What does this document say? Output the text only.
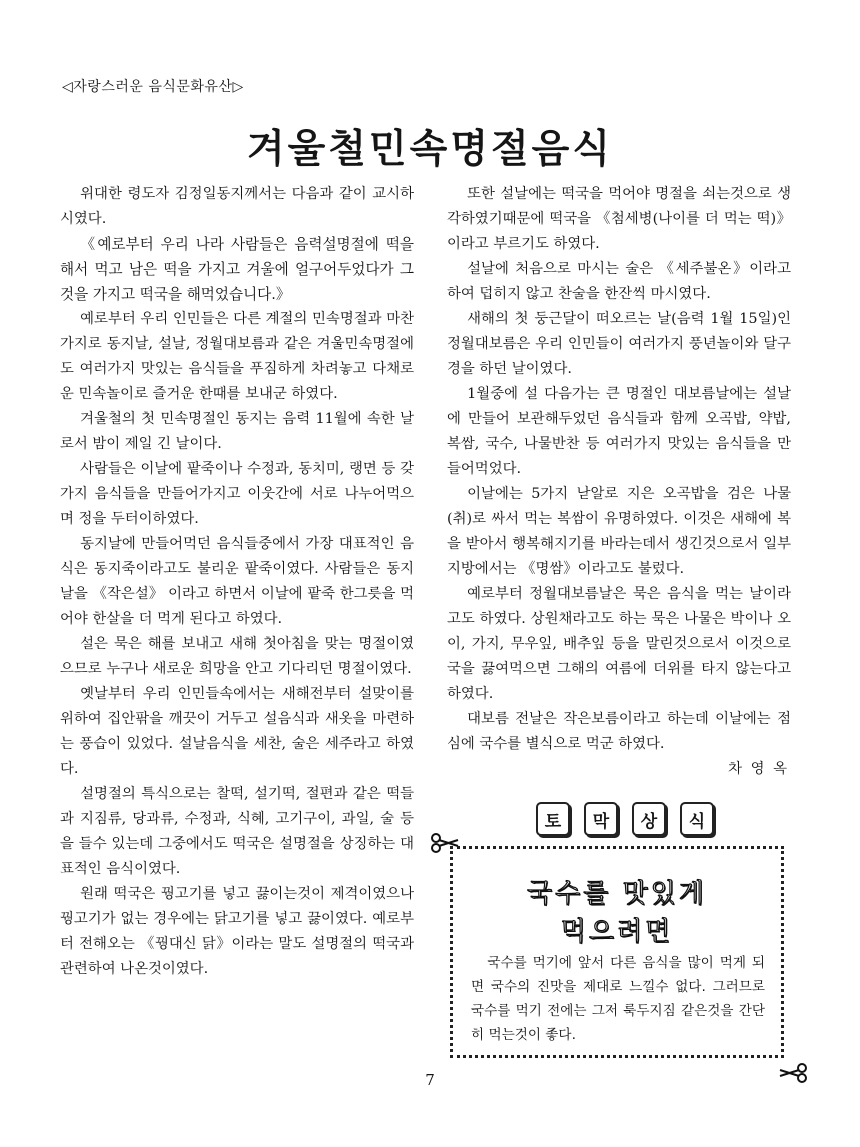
◁자랑스러운 음식문화유산▷
겨울철민속명절음식

위대한 령도자 김정일동지께서는 다음과 같이 교시하시였다.

《예로부터 우리 나라 사람들은 음력설명절에 떡을 해서 먹고 남은 떡을 가지고 겨울에 얼구어두었다가 그것을 가지고 떡국을 해먹었습니다.》

예로부터 우리 인민들은 다른 계절의 민속명절과 마찬가지로 동지날, 설날, 정월대보름과 같은 겨울민속명절에도 여러가지 맛있는 음식들을 푸짐하게 차려놓고 다채로운 민속놀이로 즐거운 한때를 보내군 하였다.

겨울철의 첫 민속명절인 동지는 음력 11월에 속한 날로서 밤이 제일 긴 날이다.

사람들은 이날에 팥죽이나 수정과, 동치미, 랭면 등 갖가지 음식들을 만들어가지고 이웃간에 서로 나누어먹으며 정을 두터이하였다.

동지날에 만들어먹던 음식들중에서 가장 대표적인 음식은 동지죽이라고도 불리운 팥죽이였다. 사람들은 동지날을 《작은설》 이라고 하면서 이날에 팥죽 한그릇을 먹어야 한살을 더 먹게 된다고 하였다.

설은 묵은 해를 보내고 새해 첫아침을 맞는 명절이였으므로 누구나 새로운 희망을 안고 기다리던 명절이였다.

옛날부터 우리 인민들속에서는 새해전부터 설맞이를 위하여 집안팎을 깨끗이 거두고 설음식과 새옷을 마련하는 풍습이 있었다. 설날음식을 세찬, 술은 세주라고 하였다.

설명절의 특식으로는 찰떡, 설기떡, 절편과 같은 떡들과 지짐류, 당과류, 수정과, 식혜, 고기구이, 과일, 술 등을 들수 있는데 그중에서도 떡국은 설명절을 상징하는 대표적인 음식이였다.

원래 떡국은 꿩고기를 넣고 끓이는것이 제격이였으나 꿩고기가 없는 경우에는 닭고기를 넣고 끓이였다. 예로부터 전해오는 《꿩대신 닭》이라는 말도 설명절의 떡국과 관련하여 나온것이였다.

또한 설날에는 떡국을 먹어야 명절을 쇠는것으로 생각하였기때문에 떡국을 《첨세병(나이를 더 먹는 떡)》이라고 부르기도 하였다.

설날에 처음으로 마시는 술은 《세주불온》이라고 하여 덥히지 않고 찬술을 한잔씩 마시였다.

새해의 첫 둥근달이 떠오르는 날(음력 1월 15일)인 정월대보름은 우리 인민들이 여러가지 풍년놀이와 달구경을 하던 날이였다.

1월중에 설 다음가는 큰 명절인 대보름날에는 설날에 만들어 보관해두었던 음식들과 함께 오곡밥, 약밥, 복쌈, 국수, 나물반찬 등 여러가지 맛있는 음식들을 만들어먹었다.

이날에는 5가지 낟알로 지은 오곡밥을 검은 나물(취)로 싸서 먹는 복쌈이 유명하였다. 이것은 새해에 복을 받아서 행복해지기를 바라는데서 생긴것으로서 일부 지방에서는 《명쌈》이라고도 불렀다.

예로부터 정월대보름날은 묵은 음식을 먹는 날이라고도 하였다. 상원채라고도 하는 묵은 나물은 박이나 오이, 가지, 무우잎, 배추잎 등을 말린것으로서 이것으로 국을 끓여먹으면 그해의 여름에 더위를 타지 않는다고 하였다.

대보름 전날은 작은보름이라고 하는데 이날에는 점심에 국수를 별식으로 먹군 하였다.

차 영 옥

토	막	상	식
국수를 맛있게
먹으려면
국수를 먹기에 앞서 다른 음식을 많이 먹게 되면 국수의 진맛을 제대로 느낄수 없다. 그러므로 국수를 먹기 전에는 그저 룩두지짐 같은것을 간단히 먹는것이 좋다.
7
